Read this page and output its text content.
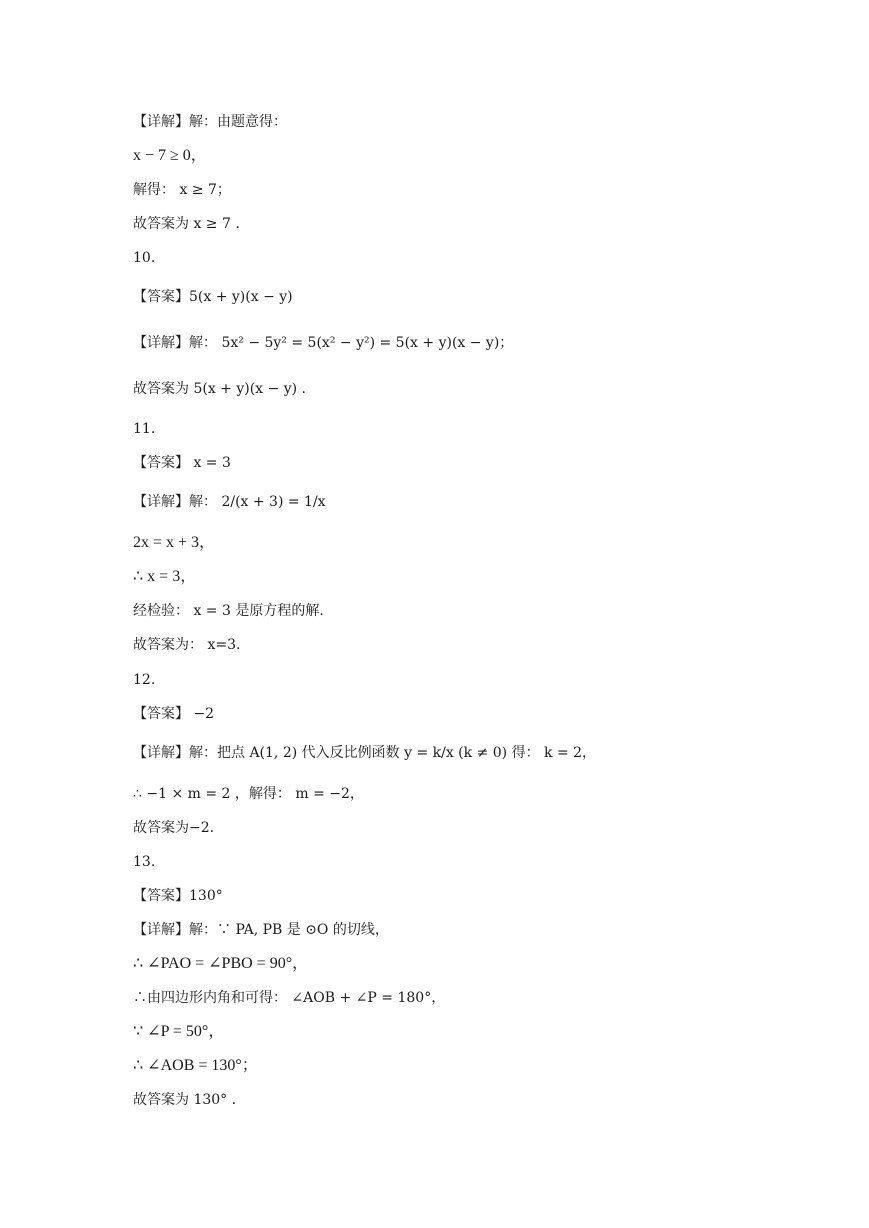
【详解】解：由题意得：
x − 7 ≥ 0，
解得： x ≥ 7；
故答案为 x ≥ 7 .
10.
【答案】5(x + y)(x − y)
【详解】解： 5x² − 5y² = 5(x² − y²) = 5(x + y)(x − y)；
故答案为 5(x + y)(x − y) .
11.
【答案】 x = 3
【详解】解： 2/(x + 3) = 1/x
2x = x + 3，
∴ x = 3，
经检验： x = 3 是原方程的解.
故答案为： x=3.
12.
【答案】 −2
【详解】解：把点 A(1, 2) 代入反比例函数 y = k/x (k ≠ 0) 得： k = 2，
∴ −1 × m = 2 ，解得： m = −2，
故答案为−2.
13.
【答案】130°
【详解】解：∵ PA, PB 是 ⊙O 的切线，
∴ ∠PAO = ∠PBO = 90°，
∴由四边形内角和可得： ∠AOB + ∠P = 180°，
∵ ∠P = 50°，
∴ ∠AOB = 130°；
故答案为 130° .
